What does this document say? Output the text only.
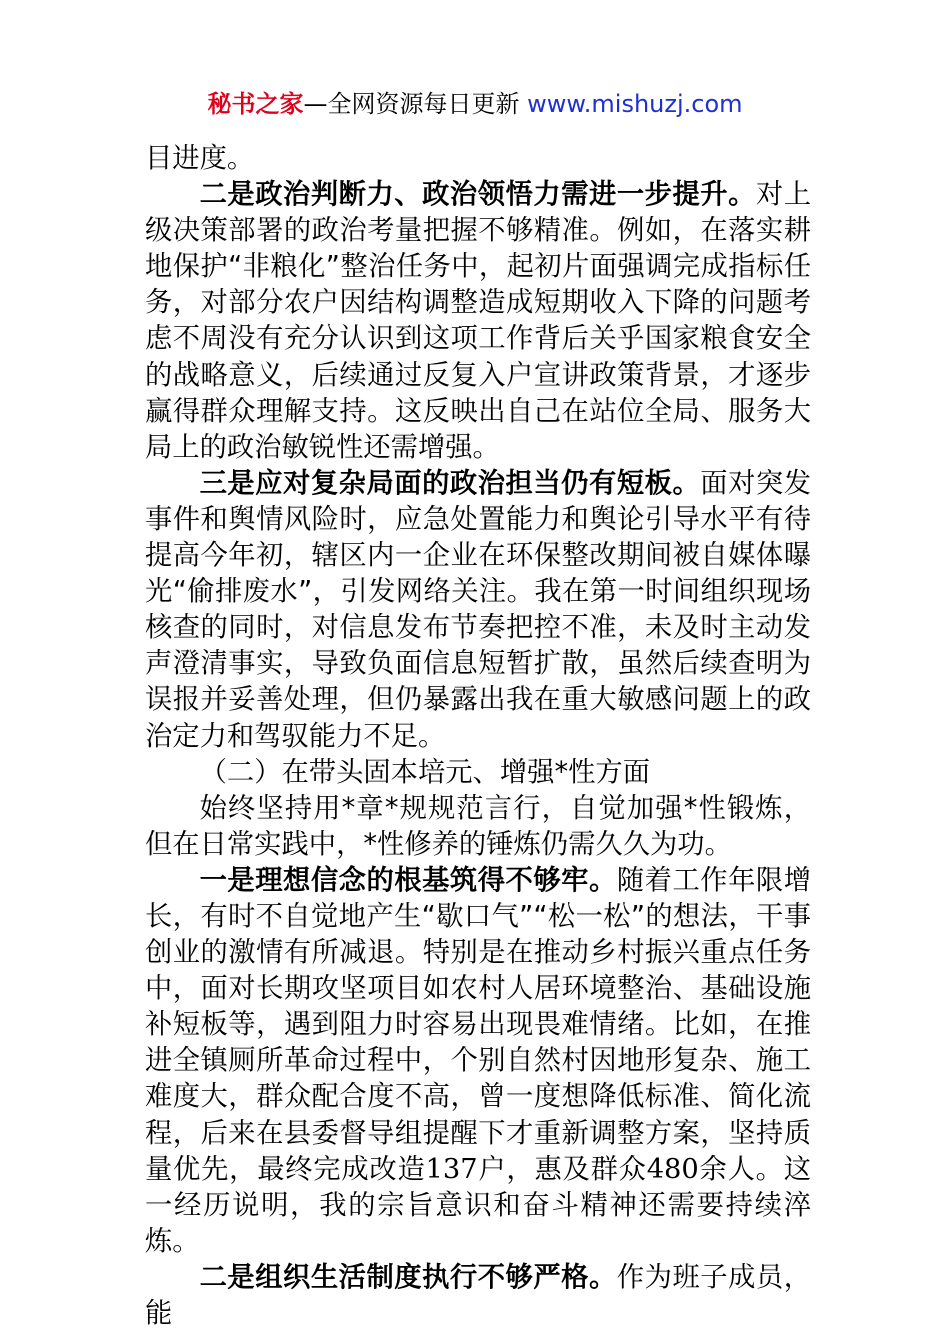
秘书之家—全网资源每日更新 www.mishuzj.com

目进度。

二是政治判断力、政治领悟力需进一步提升。对上级决策部署的政治考量把握不够精准。例如，在落实耕地保护“非粮化”整治任务中，起初片面强调完成指标任务，对部分农户因结构调整造成短期收入下降的问题考虑不周没有充分认识到这项工作背后关乎国家粮食安全的战略意义，后续通过反复入户宣讲政策背景，才逐步赢得群众理解支持。这反映出自己在站位全局、服务大局上的政治敏锐性还需增强。

三是应对复杂局面的政治担当仍有短板。面对突发事件和舆情风险时，应急处置能力和舆论引导水平有待提高今年初，辖区内一企业在环保整改期间被自媒体曝光“偷排废水”，引发网络关注。我在第一时间组织现场核查的同时，对信息发布节奏把控不准，未及时主动发声澄清事实，导致负面信息短暂扩散，虽然后续查明为误报并妥善处理，但仍暴露出我在重大敏感问题上的政治定力和驾驭能力不足。

（二）在带头固本培元、增强*性方面

始终坚持用*章*规规范言行，自觉加强*性锻炼，但在日常实践中，*性修养的锤炼仍需久久为功。

一是理想信念的根基筑得不够牢。随着工作年限增长，有时不自觉地产生“歇口气”“松一松”的想法，干事创业的激情有所减退。特别是在推动乡村振兴重点任务中，面对长期攻坚项目如农村人居环境整治、基础设施补短板等，遇到阻力时容易出现畏难情绪。比如，在推进全镇厕所革命过程中，个别自然村因地形复杂、施工难度大，群众配合度不高，曾一度想降低标准、简化流程，后来在县委督导组提醒下才重新调整方案，坚持质量优先，最终完成改造137户，惠及群众480余人。这一经历说明，我的宗旨意识和奋斗精神还需要持续淬炼。

二是组织生活制度执行不够严格。作为班子成员，能
